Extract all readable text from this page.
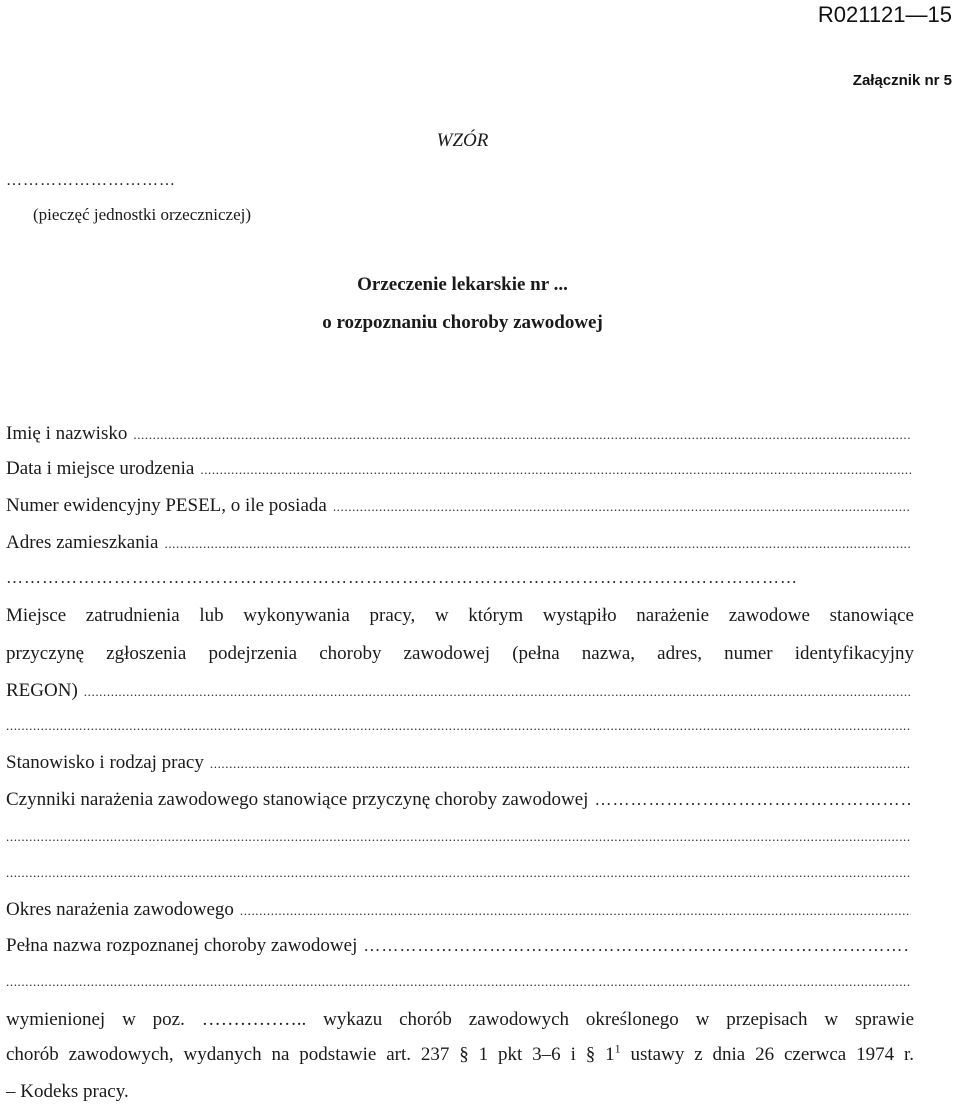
R021121—15
Załącznik nr 5
WZÓR
…………………………
(pieczęć jednostki orzeczniczej)
Orzeczenie lekarskie nr ...
o rozpoznaniu choroby zawodowej
Imię i nazwisko
.....
Data i miejsce urodzenia
.....
Numer ewidencyjny PESEL, o ile posiada
.....
Adres zamieszkania
.....
……………………………………………………………………………………………………………………
Miejsce zatrudnienia lub wykonywania pracy, w którym wystąpiło narażenie zawodowe stanowiące
przyczynę zgłoszenia podejrzenia choroby zawodowej (pełna nazwa, adres, numer identyfikacyjny
REGON)
.....
.....
Stanowisko i rodzaj pracy
.....
Czynniki narażenia zawodowego stanowiące przyczynę choroby zawodowej
……………………………………………………………………………………………………………………
.....
.....
Okres narażenia zawodowego
.....
Pełna nazwa rozpoznanej choroby zawodowej
……………………………………………………………………………………………………………………
.....
wymienionej w poz. …………….. wykazu chorób zawodowych określonego w przepisach w sprawie
chorób zawodowych, wydanych na podstawie art. 237 § 1 pkt 3–6 i § $1^1$ ustawy z dnia 26 czerwca 1974 r.
– Kodeks pracy.
